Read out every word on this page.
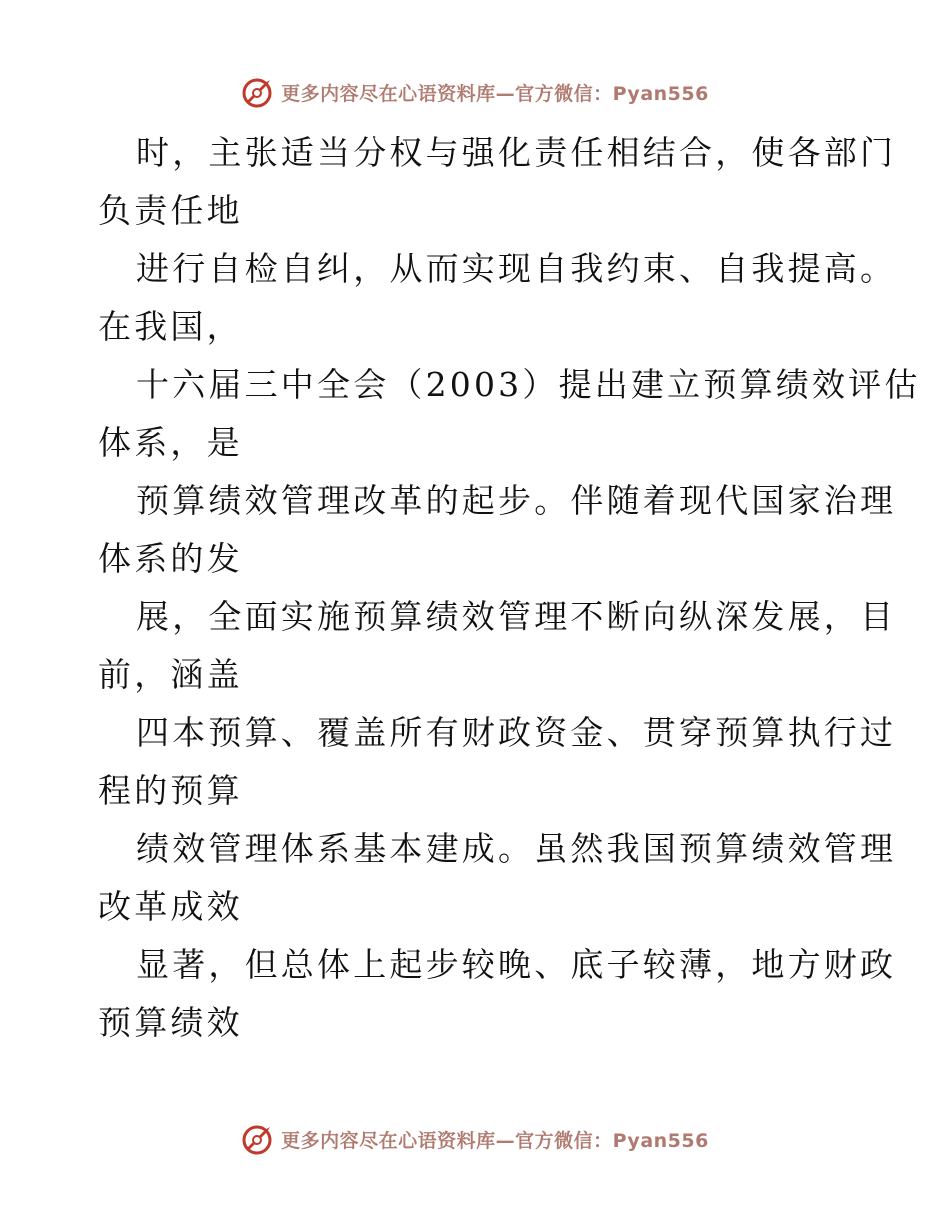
更多内容尽在心语资料库—官方微信：Pyan556
时，主张适当分权与强化责任相结合，使各部门
负责任地
进行自检自纠，从而实现自我约束、自我提高。
在我国，
十六届三中全会（2003）提出建立预算绩效评估
体系，是
预算绩效管理改革的起步。伴随着现代国家治理
体系的发
展，全面实施预算绩效管理不断向纵深发展，目
前，涵盖
四本预算、覆盖所有财政资金、贯穿预算执行过
程的预算
绩效管理体系基本建成。虽然我国预算绩效管理
改革成效
显著，但总体上起步较晚、底子较薄，地方财政
预算绩效
更多内容尽在心语资料库—官方微信：Pyan556
